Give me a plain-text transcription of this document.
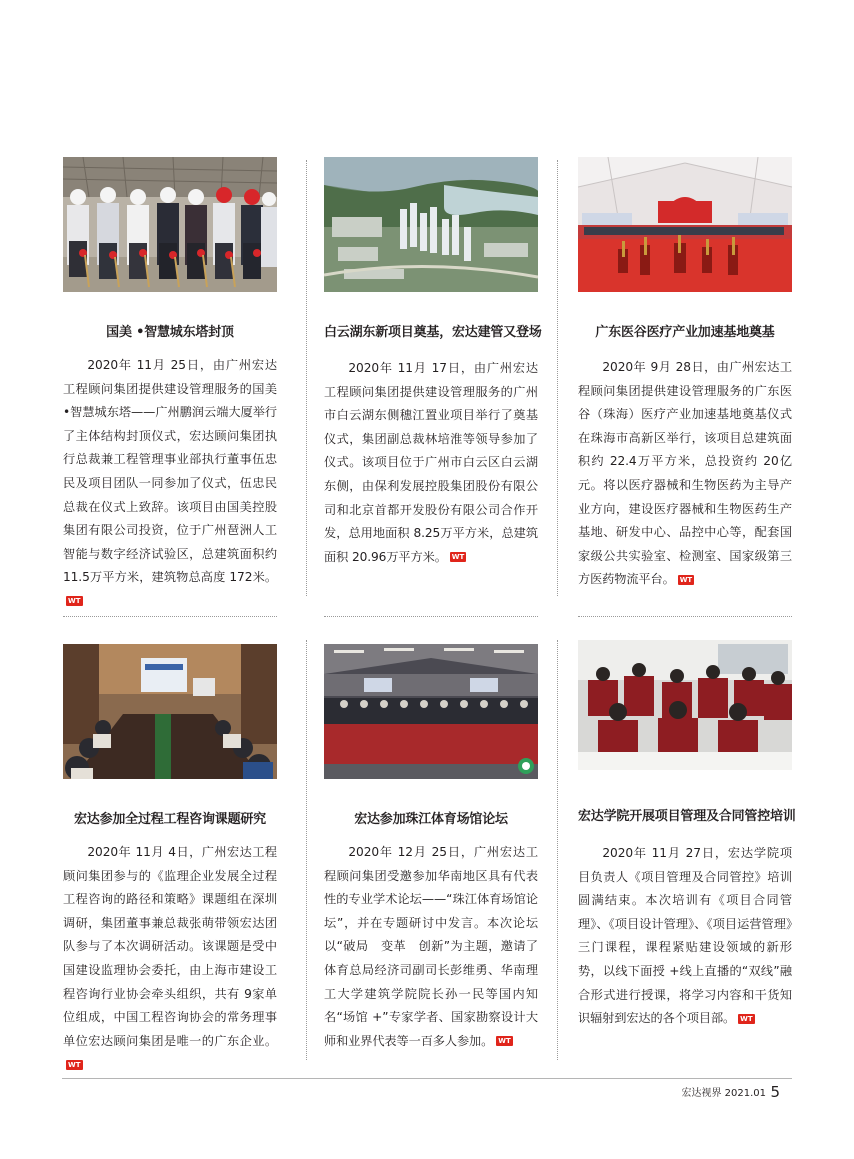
国美 •智慧城东塔封顶
2020年 11月 25日，由广州宏达工程顾问集团提供建设管理服务的国美 •智慧城东塔——广州鹏润云端大厦举行了主体结构封顶仪式，宏达顾问集团执行总裁兼工程管理事业部执行董事伍忠民及项目团队一同参加了仪式，伍忠民总裁在仪式上致辞。该项目由国美控股集团有限公司投资，位于广州琶洲人工智能与数字经济试验区，总建筑面积约 11.5万平方米，建筑物总高度 172米。WT
白云湖东新项目奠基，宏达建管又登场
2020年 11月 17日，由广州宏达工程顾问集团提供建设管理服务的广州市白云湖东侧穗江置业项目举行了奠基仪式，集团副总裁林培淮等领导参加了仪式。该项目位于广州市白云区白云湖东侧，由保利发展控股集团股份有限公司和北京首都开发股份有限公司合作开发，总用地面积 8.25万平方米，总建筑面积 20.96万平方米。 WT
广东医谷医疗产业加速基地奠基
2020年 9月 28日，由广州宏达工程顾问集团提供建设管理服务的广东医谷（珠海）医疗产业加速基地奠基仪式在珠海市高新区举行，该项目总建筑面积约 22.4万平方米，总投资约 20亿元。将以医疗器械和生物医药为主导产业方向，建设医疗器械和生物医药生产基地、研发中心、品控中心等，配套国家级公共实验室、检测室、国家级第三方医药物流平台。 WT
宏达参加全过程工程咨询课题研究
2020年 11月 4日，广州宏达工程顾问集团参与的《监理企业发展全过程工程咨询的路径和策略》课题组在深圳调研，集团董事兼总裁张萌带领宏达团队参与了本次调研活动。该课题是受中国建设监理协会委托，由上海市建设工程咨询行业协会牵头组织，共有 9家单位组成，中国工程咨询协会的常务理事单位宏达顾问集团是唯一的广东企业。WT
宏达参加珠江体育场馆论坛
2020年 12月 25日，广州宏达工程顾问集团受邀参加华南地区具有代表性的专业学术论坛——“珠江体育场馆论坛”，并在专题研讨中发言。本次论坛以“破局　变革　创新”为主题，邀请了体育总局经济司副司长彭维勇、华南理工大学建筑学院院长孙一民等国内知名“场馆 +”专家学者、国家勘察设计大师和业界代表等一百多人参加。 WT
宏达学院开展项目管理及合同管控培训
2020年 11月 27日，宏达学院项目负责人《项目管理及合同管控》培训圆满结束。本次培训有《项目合同管理》、《项目设计管理》、《项目运营管理》三门课程，课程紧贴建设领域的新形势，以线下面授 +线上直播的“双线”融合形式进行授课，将学习内容和干货知识辐射到宏达的各个项目部。 WT
宏达视界 2021.01 5
